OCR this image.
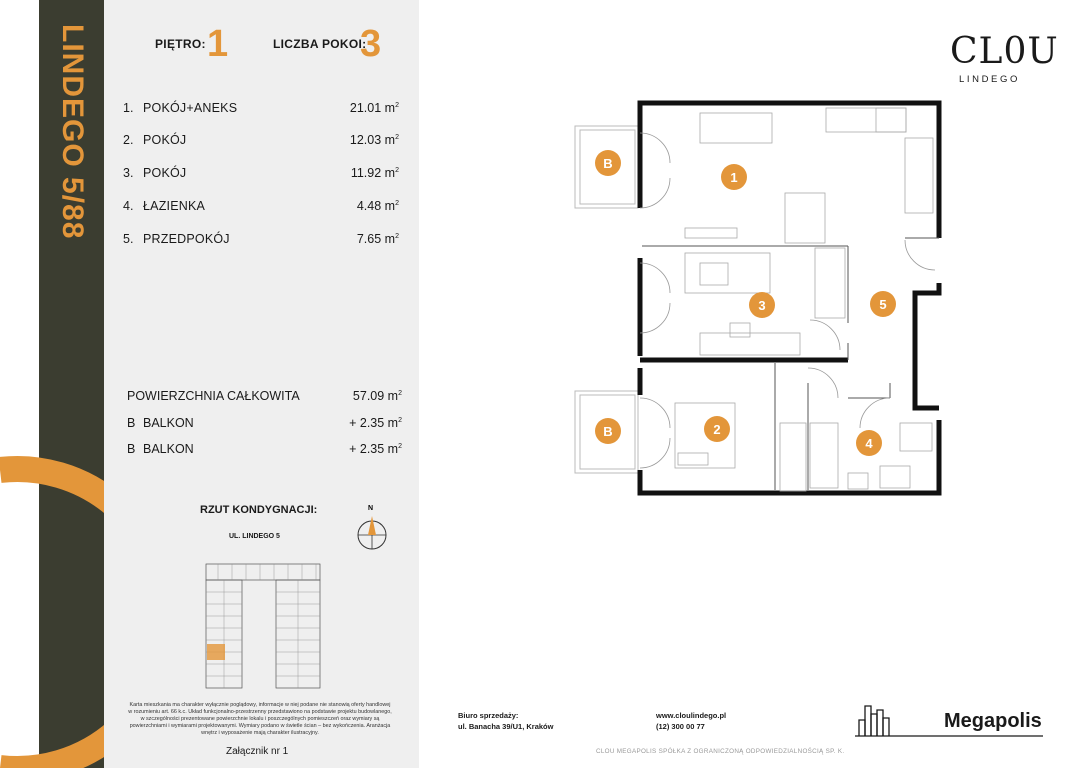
LINDEGO 5/88	PIĘTRO: 1	LICZBA POKOI:
3
1. POKÓJ+ANEKS	21.01 $m^2$
2. POKÓJ	12.03 $m^2$
3. POKÓJ	11.92 $m^2$
4. ŁAZIENKA	4.48 $m^2$
5. PRZEDPOKÓJ	7.65 $m^2$
POWIERZCHNIA CAŁKOWITA	57.09 $m^2$
B BALKON	+ 2.35 $m^2$
B BALKON	+ 2.35 $m^2$
RZUT KONDYGNACJI:
UL. LINDEGO 5
N
Karta mieszkania ma charakter wyłącznie poglądowy, informacje w niej podane nie stanowią oferty handlowej w rozumieniu art. 66 k.c. Układ funkcjonalno-przestrzenny przedstawiono na podstawie projektu budowlanego, w szczególności prezentowane powierzchnie lokalu i poszczególnych pomieszczeń oraz wymiary są powierzchniami i wymiarami projektowanymi. Wymiary podano w świetle ścian – bez wykończenia. Aranżacja wnętrz i wyposażenie mają charakter ilustracyjny.
Załącznik nr 1
1
2
3
4
5
B
B
CL0U
LINDEGO
Biuro sprzedaży:
ul. Banacha 39/U1, Kraków
www.cloulindego.pl
(12) 300 00 77	Megapolis
CLOU MEGAPOLIS SPÓŁKA Z OGRANICZONĄ ODPOWIEDZIALNOŚCIĄ SP. K.
